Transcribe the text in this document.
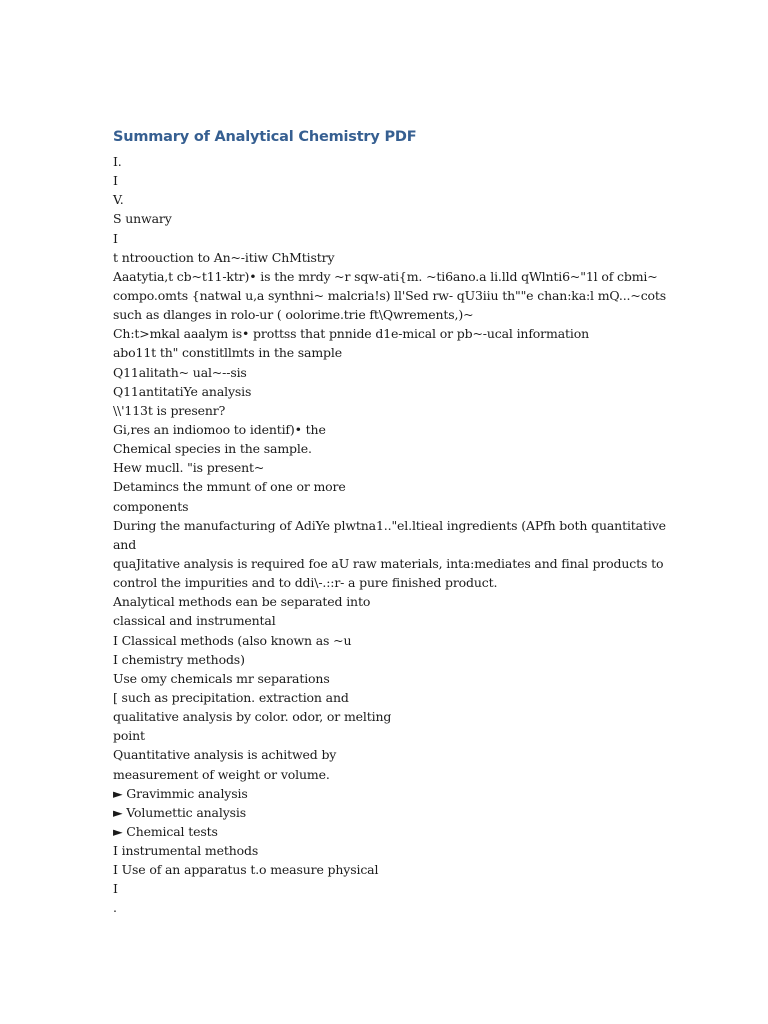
Summary of Analytical Chemistry PDF
I.
I
V.
S unwary
I
t ntroouction to An~-itiw ChMtistry
Aaatytia,t cb~t11-ktr)• is the mrdy ~r sqw-ati{m. ~ti6ano.a li.lld qWlnti6~"1l of cbmi~
compo.omts {natwal u,a synthni~ malcria!s) ll'Sed rw- qU3iiu th""e chan:ka:l mQ...~cots
such as dlanges in rolo-ur ( oolorime.trie ft\Qwrements,)~
Ch:t>mkal aaalym is• prottss that pnnide d1e-mical or pb~-ucal information
abo11t th" constitllmts in the sample
Q11alitath~ ual~--sis
Q11antitatiYe analysis
\\'113t is presenr?
Gi,res an indiomoo to identif)• the
Chemical species in the sample.
Hew mucll. "is present~
Detamincs the mmunt of one or more
components
During the manufacturing of AdiYe plwtna1.."el.ltieal ingredients (APfh both quantitative
and
quaJitative analysis is required foe aU raw materials, inta:mediates and final products to
control the impurities and to ddi\-.::r- a pure finished product.
Analytical methods ean be separated into
classical and instrumental
I Classical methods (also known as ~u
I chemistry methods)
Use omy chemicals mr separations
[ such as precipitation. extraction and
qualitative analysis by color. odor, or melting
point
Quantitative analysis is achitwed by
measurement of weight or volume.
► Gravimmic analysis
► Volumettic analysis
► Chemical tests
I instrumental methods
I Use of an apparatus t.o measure physical
I
.
